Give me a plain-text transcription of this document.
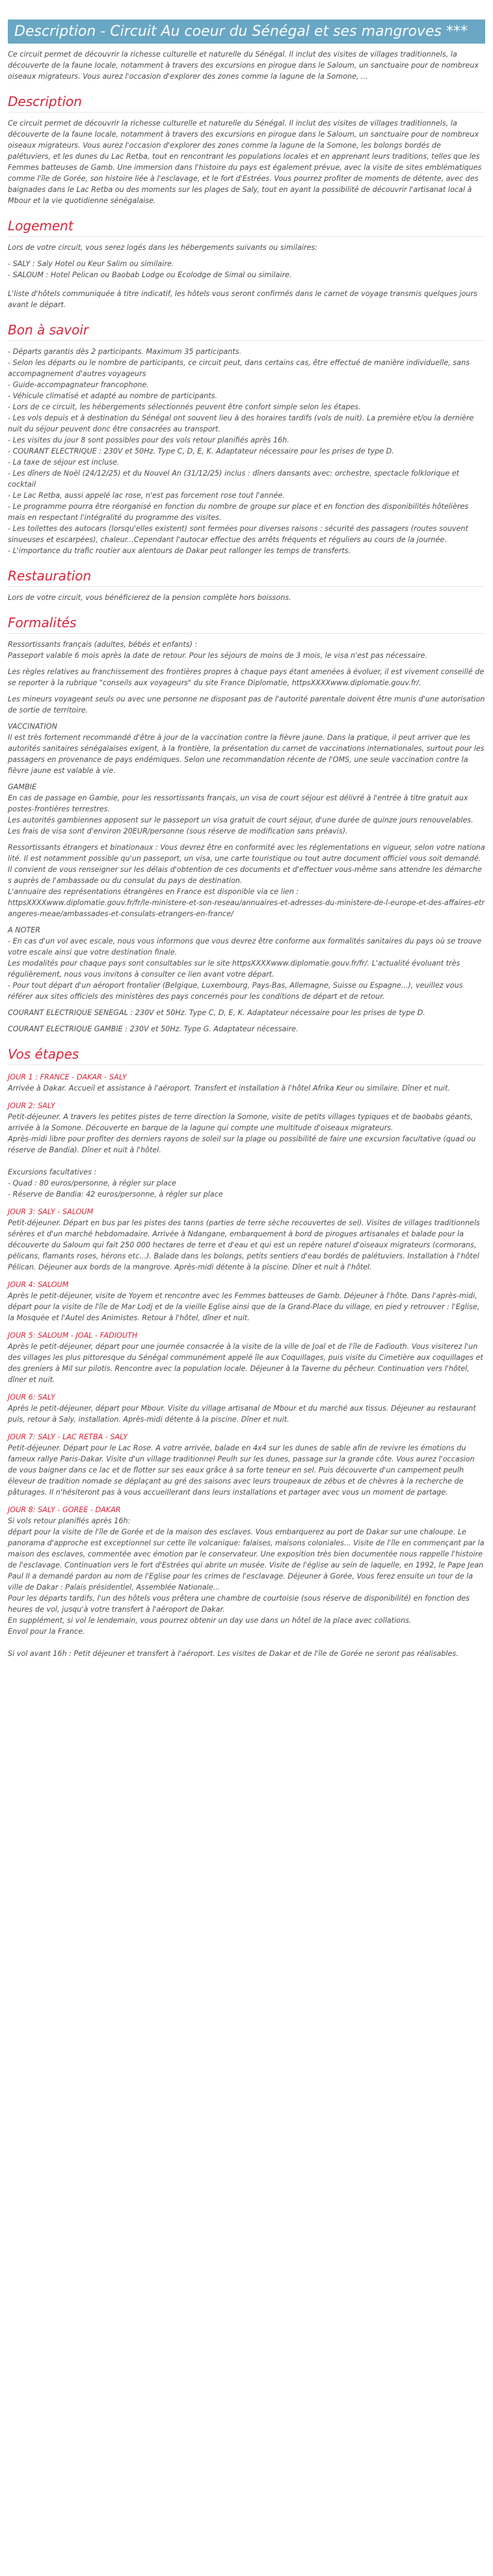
Description - Circuit Au coeur du Sénégal et ses mangroves ***

Ce circuit permet de découvrir la richesse culturelle et naturelle du Sénégal. Il inclut des visites de villages traditionnels, la découverte de la faune locale, notamment à travers des excursions en pirogue dans le Saloum, un sanctuaire pour de nombreux oiseaux migrateurs. Vous aurez l'occasion d'explorer des zones comme la lagune de la Somone, ...

Description

Ce circuit permet de découvrir la richesse culturelle et naturelle du Sénégal. Il inclut des visites de villages traditionnels, la découverte de la faune locale, notamment à travers des excursions en pirogue dans le Saloum, un sanctuaire pour de nombreux oiseaux migrateurs. Vous aurez l'occasion d'explorer des zones comme la lagune de la Somone, les bolongs bordés de palétuviers, et les dunes du Lac Retba, tout en rencontrant les populations locales et en apprenant leurs traditions, telles que les Femmes batteuses de Gamb. Une immersion dans l'histoire du pays est également prévue, avec la visite de sites emblématiques comme l'île de Gorée, son histoire liée à l'esclavage, et le fort d'Estrées. Vous pourrez profiter de moments de détente, avec des baignades dans le Lac Retba ou des moments sur les plages de Saly, tout en ayant la possibilité de découvrir l'artisanat local à Mbour et la vie quotidienne sénégalaise.

Logement

Lors de votre circuit, vous serez logés dans les hébergements suivants ou similaires:

- SALY : Saly Hotel ou Keur Salim ou similaire.
- SALOUM : Hotel Pelican ou Baobab Lodge ou Ecolodge de Simal ou similaire.

L'liste d'hôtels communiquée à titre indicatif, les hôtels vous seront confirmés dans le carnet de voyage transmis quelques jours avant le départ.

Bon à savoir
- Départs garantis dès 2 participants. Maximum 35 participants.
- Selon les départs ou le nombre de participants, ce circuit peut, dans certains cas, être effectué de manière individuelle, sans accompagnement d'autres voyageurs
- Guide-accompagnateur francophone.
- Véhicule climatisé et adapté au nombre de participants.
- Lors de ce circuit, les hébergements sélectionnés peuvent être confort simple selon les étapes.
- Les vols depuis et à destination du Sénégal ont souvent lieu à des horaires tardifs (vols de nuit). La première et/ou la dernière nuit du séjour peuvent donc être consacrées au transport.
- Les visites du jour 8 sont possibles pour des vols retour planifiés après 16h.
- COURANT ELECTRIQUE : 230V et 50Hz. Type C, D, E, K. Adaptateur nécessaire pour les prises de type D.
- La taxe de séjour est incluse.
- Les dîners de Noël (24/12/25) et du Nouvel An (31/12/25) inclus : dîners dansants avec: orchestre, spectacle folklorique et cocktail
- Le Lac Retba, aussi appelé lac rose, n'est pas forcement rose tout l'année.
- Le programme pourra être réorganisé en fonction du nombre de groupe sur place et en fonction des disponibilités hôtelières mais en respectant l'intégralité du programme des visites.
- Les toilettes des autocars (lorsqu'elles existent) sont fermées pour diverses raisons : sécurité des passagers (routes souvent sinueuses et escarpées), chaleur...Cependant l'autocar effectue des arrêts fréquents et réguliers au cours de la journée.
- L'importance du trafic routier aux alentours de Dakar peut rallonger les temps de transferts.
Restauration

Lors de votre circuit, vous bénéficierez de la pension complète hors boissons.

Formalités

Ressortissants français (adultes, bébés et enfants) :
Passeport valable 6 mois après la date de retour. Pour les séjours de moins de 3 mois, le visa n'est pas nécessaire.

Les règles relatives au franchissement des frontières propres à chaque pays étant amenées à évoluer, il est vivement conseillé de se reporter à la rubrique "conseils aux voyageurs" du site France Diplomatie, httpsXXXXwww.diplomatie.gouv.fr/.

Les mineurs voyageant seuls ou avec une personne ne disposant pas de l'autorité parentale doivent être munis d'une autorisation de sortie de territoire.

VACCINATION
Il est très fortement recommandé d'être à jour de la vaccination contre la fièvre jaune. Dans la pratique, il peut arriver que les autorités sanitaires sénégalaises exigent, à la frontière, la présentation du carnet de vaccinations internationales, surtout pour les passagers en provenance de pays endémiques. Selon une recommandation récente de l'OMS, une seule vaccination contre la fièvre jaune est valable à vie.

GAMBIE
En cas de passage en Gambie, pour les ressortissants français, un visa de court séjour est délivré à l'entrée à titre gratuit aux postes-frontières terrestres.
Les autorités gambiennes apposent sur le passeport un visa gratuit de court séjour, d'une durée de quinze jours renouvelables. Les frais de visa sont d'environ 20EUR/personne (sous réserve de modification sans préavis).

Ressortissants étrangers et binationaux : Vous devrez être en conformité avec les réglementations en vigueur, selon votre nationalité. Il est notamment possible qu'un passeport, un visa, une carte touristique ou tout autre document officiel vous soit demandé. Il convient de vous renseigner sur les délais d'obtention de ces documents et d'effectuer vous-même sans attendre les démarches auprès de l'ambassade ou du consulat du pays de destination.
L'annuaire des représentations étrangères en France est disponible via ce lien :
httpsXXXXwww.diplomatie.gouv.fr/fr/le-ministere-et-son-reseau/annuaires-et-adresses-du-ministere-de-l-europe-et-des-affaires-etrangeres-meae/ambassades-et-consulats-etrangers-en-france/

A NOTER
- En cas d'un vol avec escale, nous vous informons que vous devrez être conforme aux formalités sanitaires du pays où se trouve votre escale ainsi que votre destination finale.
Les modalités pour chaque pays sont consultables sur le site httpsXXXXwww.diplomatie.gouv.fr/fr/. L'actualité évoluant très régulièrement, nous vous invitons à consulter ce lien avant votre départ.
- Pour tout départ d'un aéroport frontalier (Belgique, Luxembourg, Pays-Bas, Allemagne, Suisse ou Espagne...), veuillez vous référer aux sites officiels des ministères des pays concernés pour les conditions de départ et de retour.

COURANT ELECTRIQUE SENEGAL : 230V et 50Hz. Type C, D, E, K. Adaptateur nécessaire pour les prises de type D.

COURANT ELECTRIQUE GAMBIE : 230V et 50Hz. Type G. Adaptateur nécessaire.

Vos étapes
JOUR 1 : FRANCE - DAKAR - SALY
Arrivée à Dakar. Accueil et assistance à l'aéroport. Transfert et installation à l'hôtel Afrika Keur ou similaire. Dîner et nuit.
JOUR 2: SALY
Petit-déjeuner. A travers les petites pistes de terre direction la Somone, visite de petits villages typiques et de baobabs géants, arrivée à la Somone. Découverte en barque de la lagune qui compte une multitude d'oiseaux migrateurs.
Après-midi libre pour profiter des derniers rayons de soleil sur la plage ou possibilité de faire une excursion facultative (quad ou réserve de Bandia). Dîner et nuit à l'hôtel.

Excursions facultatives :
- Quad : 80 euros/personne, à régler sur place
- Réserve de Bandia: 42 euros/personne, à régler sur place
JOUR 3: SALY - SALOUM
Petit-déjeuner. Départ en bus par les pistes des tanns (parties de terre sèche recouvertes de sel). Visites de villages traditionnels sérères et d'un marché hebdomadaire. Arrivée à Ndangane, embarquement à bord de pirogues artisanales et balade pour la découverte du Saloum qui fait 250 000 hectares de terre et d'eau et qui est un repère naturel d'oiseaux migrateurs (cormorans, pélicans, flamants roses, hérons etc...). Balade dans les bolongs, petits sentiers d'eau bordés de palétuviers. Installation à l'hôtel Pélican. Déjeuner aux bords de la mangrove. Après-midi détente à la piscine. Dîner et nuit à l'hôtel.
JOUR 4: SALOUM
Après le petit-déjeuner, visite de Yoyem et rencontre avec les Femmes batteuses de Gamb. Déjeuner à l'hôte. Dans l'après-midi, départ pour la visite de l'île de Mar Lodj et de la vieille Eglise ainsi que de la Grand-Place du village, en pied y retrouver : l'Eglise, la Mosquée et l'Autel des Animistes. Retour à l'hôtel, dîner et nuit.
JOUR 5: SALOUM - JOAL - FADIOUTH
Après le petit-déjeuner, départ pour une journée consacrée à la visite de la ville de Joal et de l'île de Fadiouth. Vous visiterez l'un des villages les plus pittoresque du Sénégal communément appelé île aux Coquillages, puis visite du Cimetière aux coquillages et des greniers à Mil sur pilotis. Rencontre avec la population locale. Déjeuner à la Taverne du pêcheur. Continuation vers l'hôtel, dîner et nuit.
JOUR 6: SALY
Après le petit-déjeuner, départ pour Mbour. Visite du village artisanal de Mbour et du marché aux tissus. Déjeuner au restaurant puis, retour à Saly, installation. Après-midi détente à la piscine. Dîner et nuit.
JOUR 7: SALY - LAC RETBA - SALY
Petit-déjeuner. Départ pour le Lac Rose. A votre arrivée, balade en 4x4 sur les dunes de sable afin de revivre les émotions du fameux rallye Paris-Dakar. Visite d'un village traditionnel Peulh sur les dunes, passage sur la grande côte. Vous aurez l'occasion de vous baigner dans ce lac et de flotter sur ses eaux grâce à sa forte teneur en sel. Puis découverte d'un campement peulh éleveur de tradition nomade se déplaçant au gré des saisons avec leurs troupeaux de zébus et de chèvres à la recherche de pâturages. Il n'hésiteront pas à vous accueillerant dans leurs installations et partager avec vous un moment de partage.
JOUR 8: SALY - GOREE - DAKAR
Si vols retour planifiés après 16h:
départ pour la visite de l'île de Gorée et de la maison des esclaves. Vous embarquerez au port de Dakar sur une chaloupe. Le panorama d'approche est exceptionnel sur cette île volcanique: falaises, maisons coloniales... Visite de l'île en commençant par la maison des esclaves, commentée avec émotion par le conservateur. Une exposition très bien documentée nous rappelle l'histoire de l'esclavage. Continuation vers le fort d'Estrées qui abrite un musée. Visite de l'église au sein de laquelle, en 1992, le Pape Jean Paul II a demandé pardon au nom de l'Eglise pour les crimes de l'esclavage. Déjeuner à Gorée, Vous ferez ensuite un tour de la ville de Dakar : Palais présidentiel, Assemblée Nationale...
Pour les départs tardifs, l'un des hôtels vous prêtera une chambre de courtoisie (sous réserve de disponibilité) en fonction des heures de vol, jusqu'à votre transfert à l'aéroport de Dakar.
En supplément, si vol le lendemain, vous pourrez obtenir un day use dans un hôtel de la place avec collations.
Envol pour la France.

Si vol avant 16h : Petit déjeuner et transfert à l'aéroport. Les visites de Dakar et de l'île de Gorée ne seront pas réalisables.
